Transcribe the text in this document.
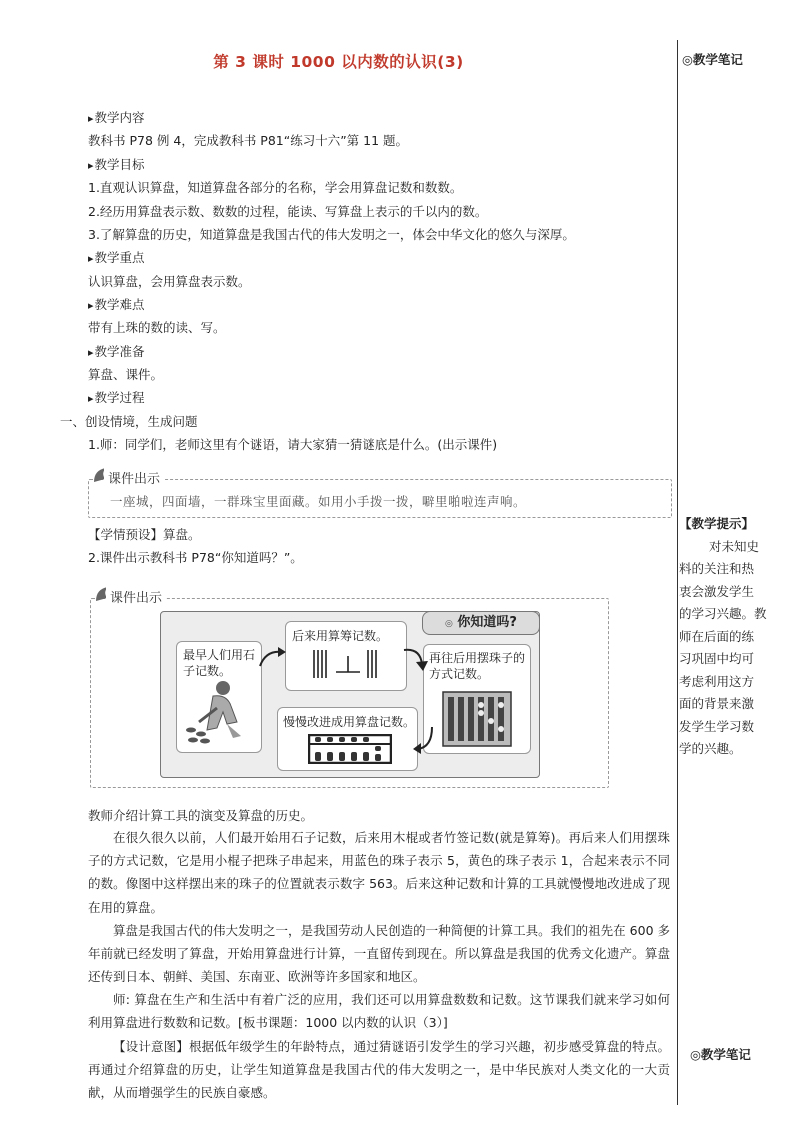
第 3 课时 1000 以内数的认识(3)	◎教学笔记
▸ 教学内容
教科书 P78 例 4，完成教科书 P81“练习十六”第 11 题。
▸ 教学目标
1.直观认识算盘，知道算盘各部分的名称，学会用算盘记数和数数。
2.经历用算盘表示数、数数的过程，能读、写算盘上表示的千以内的数。
3.了解算盘的历史，知道算盘是我国古代的伟大发明之一，体会中华文化的悠久与深厚。
▸ 教学重点
认识算盘，会用算盘表示数。
▸ 教学难点
带有上珠的数的读、写。
▸ 教学准备
算盘、课件。
▸ 教学过程
一、创设情境，生成问题
1.师：同学们，老师这里有个谜语，请大家猜一猜谜底是什么。(出示课件)
课件出示
一座城，四面墙，一群珠宝里面藏。如用小手拨一拨，噼里啪啦连声响。
【学情预设】算盘。
2.课件出示教科书 P78“你知道吗？”。
课件出示
◎ 你知道吗?
最早人们用石子记数。
后来用算筹记数。
再往后用摆珠子的方式记数。
慢慢改进成用算盘记数。
教师介绍计算工具的演变及算盘的历史。
在很久很久以前，人们最开始用石子记数，后来用木棍或者竹签记数(就是算筹)。再后来人们用摆珠子的方式记数，它是用小棍子把珠子串起来，用蓝色的珠子表示 5，黄色的珠子表示 1，合起来表示不同的数。像图中这样摆出来的珠子的位置就表示数字 563。后来这种记数和计算的工具就慢慢地改进成了现在用的算盘。
算盘是我国古代的伟大发明之一，是我国劳动人民创造的一种简便的计算工具。我们的祖先在 600 多年前就已经发明了算盘，开始用算盘进行计算，一直留传到现在。所以算盘是我国的优秀文化遗产。算盘还传到日本、朝鲜、美国、东南亚、欧洲等许多国家和地区。
师: 算盘在生产和生活中有着广泛的应用，我们还可以用算盘数数和记数。这节课我们就来学习如何利用算盘进行数数和记数。[板书课题：1000 以内数的认识（3）]
【设计意图】根据低年级学生的年龄特点，通过猜谜语引发学生的学习兴趣，初步感受算盘的特点。再通过介绍算盘的历史，让学生知道算盘是我国古代的伟大发明之一，是中华民族对人类文化的一大贡献，从而增强学生的民族自豪感。
【教学提示】
对未知史
料的关注和热
衷会激发学生
的学习兴趣。教
师在后面的练
习巩固中均可
考虑利用这方
面的背景来激
发学生学习数
学的兴趣。
◎教学笔记
